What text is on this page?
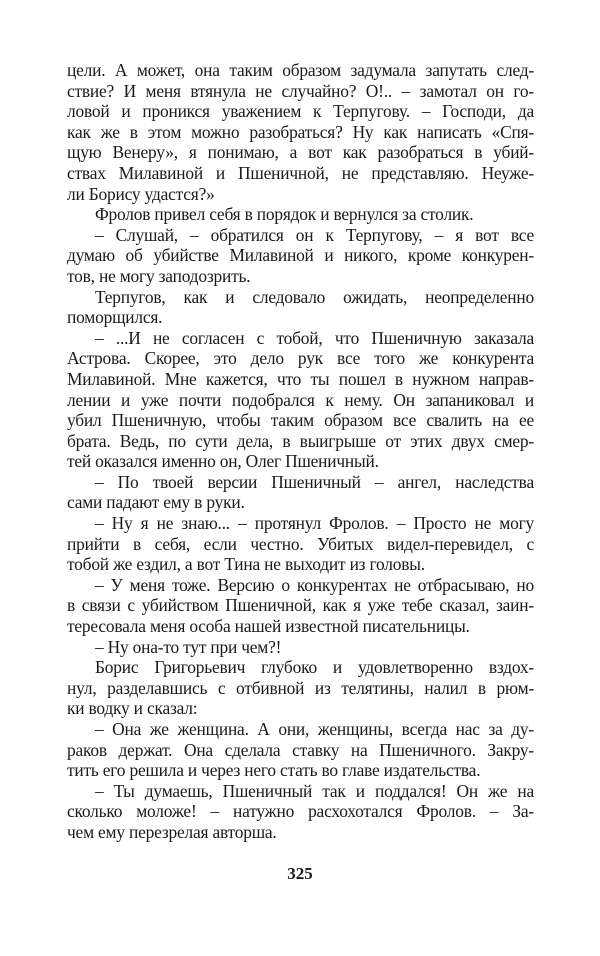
цели. А может, она таким образом задумала запутать след-
ствие? И меня втянула не случайно? О!.. – замотал он го-
ловой и проникся уважением к Терпугову. – Господи, да
как же в этом можно разобраться? Ну как написать «Спя-
щую Венеру», я понимаю, а вот как разобраться в убий-
ствах Милавиной и Пшеничной, не представляю. Неуже-
ли Борису удастся?»
Фролов привел себя в порядок и вернулся за столик.
– Слушай, – обратился он к Терпугову, – я вот все
думаю об убийстве Милавиной и никого, кроме конкурен-
тов, не могу заподозрить.
Терпугов, как и следовало ожидать, неопределенно
поморщился.
– ...И не согласен с тобой, что Пшеничную заказала
Астрова. Скорее, это дело рук все того же конкурента
Милавиной. Мне кажется, что ты пошел в нужном направ-
лении и уже почти подобрался к нему. Он запаниковал и
убил Пшеничную, чтобы таким образом все свалить на ее
брата. Ведь, по сути дела, в выигрыше от этих двух смер-
тей оказался именно он, Олег Пшеничный.
– По твоей версии Пшеничный – ангел, наследства
сами падают ему в руки.
– Ну я не знаю... – протянул Фролов. – Просто не могу
прийти в себя, если честно. Убитых видел-перевидел, с
тобой же ездил, а вот Тина не выходит из головы.
– У меня тоже. Версию о конкурентах не отбрасываю, но
в связи с убийством Пшеничной, как я уже тебе сказал, заин-
тересовала меня особа нашей известной писательницы.
– Ну она-то тут при чем?!
Борис Григорьевич глубоко и удовлетворенно вздох-
нул, разделавшись с отбивной из телятины, налил в рюм-
ки водку и сказал:
– Она же женщина. А они, женщины, всегда нас за ду-
раков держат. Она сделала ставку на Пшеничного. Закру-
тить его решила и через него стать во главе издательства.
– Ты думаешь, Пшеничный так и поддался! Он же на
сколько моложе! – натужно расхохотался Фролов. – За-
чем ему перезрелая авторша.
325
